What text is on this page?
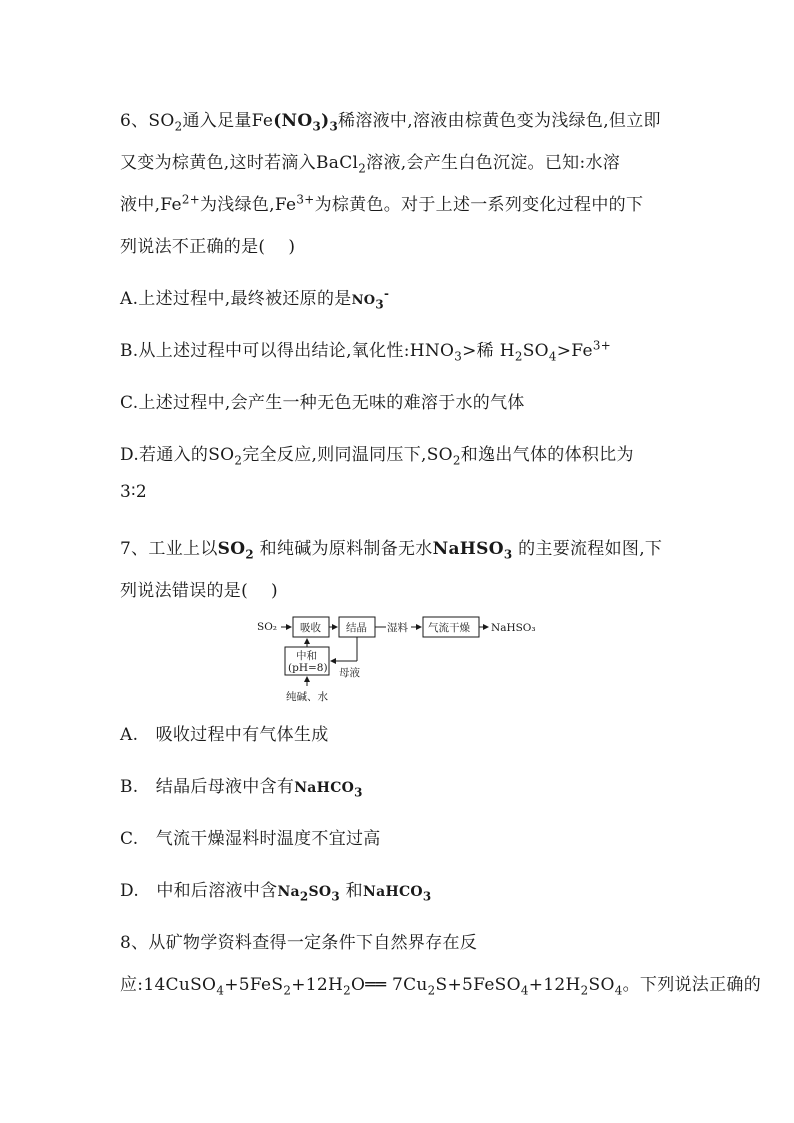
6、$SO_2$通入足量$Fe(NO_3)_3$稀溶液中,溶液由棕黄色变为浅绿色,但立即
又变为棕黄色,这时若滴入BaCl$_2$溶液,会产生白色沉淀。已知:水溶
液中$,Fe^{2+}$为浅绿色$,Fe^{3+}$为棕黄色。对于上述一系列变化过程中的下
列说法不正确的是(　 )
A.上述过程中,最终被还原的是$NO_3^-$
B.从上述过程中可以得出结论,氧化性$:HNO_3>$稀 $H_2SO_4>Fe^{3+}$
C.上述过程中,会产生一种无色无味的难溶于水的气体
D.若通入的$SO_2$完全反应,则同温同压下$,SO_2$和逸出气体的体积比为
3∶2
7、工业上以$SO_2$ 和纯碱为原料制备无水NaHSO$_3$ 的主要流程如图,下
列说法错误的是(　 )
SO₂ 吸收 结晶 湿料 气流干燥 NaHSO₃
中和
(pH=8) 母液
纯碱、水
A.　吸收过程中有气体生成
B.　结晶后母液中含有NaHCO$_3$
C.　气流干燥湿料时温度不宜过高
D.　中和后溶液中含$Na_2SO_3$ 和NaHCO$_3$
8、从矿物学资料查得一定条件下自然界存在反
应$:14CuSO_4+5FeS_2+12H_2O══$ $7Cu_2S+5FeSO_4+12H_2SO_4$。下列说法正确的
